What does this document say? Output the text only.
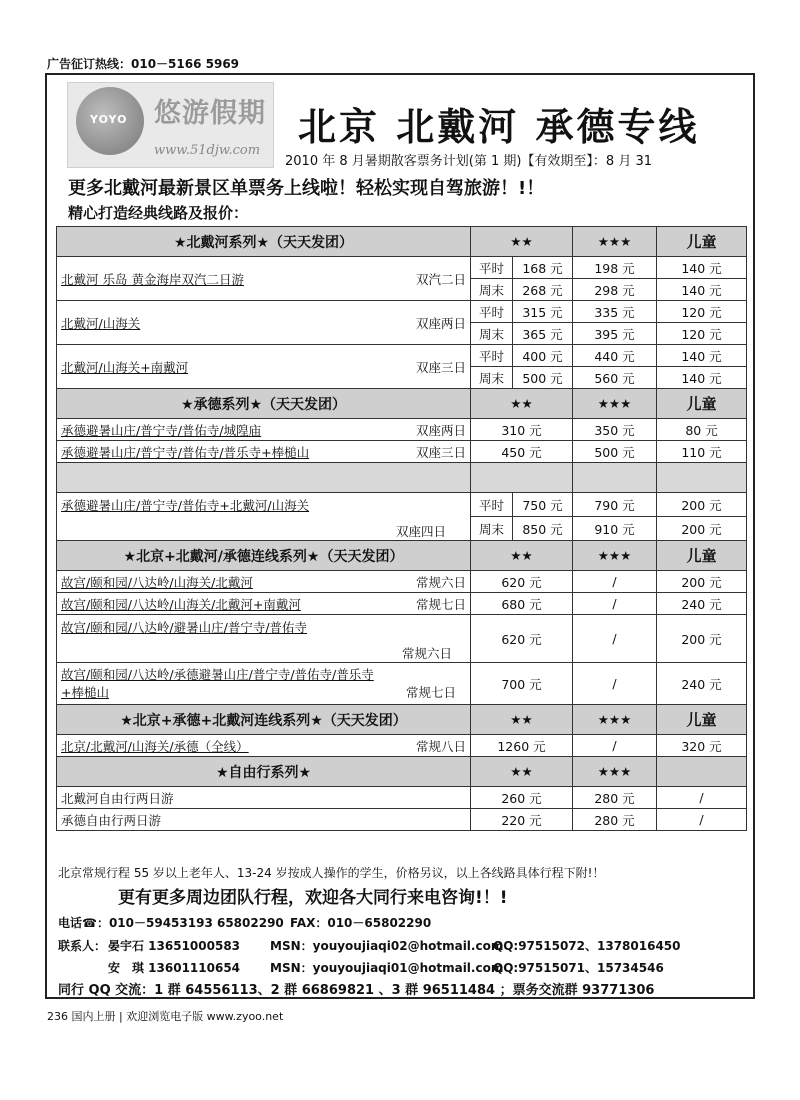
广告征订热线：010－5166 5969
YOYO 悠游假期
www.51djw.com
北京 北戴河 承德专线
2010 年 8 月暑期散客票务计划(第 1 期)【有效期至】：8 月 31
更多北戴河最新景区单票务上线啦！轻松实现自驾旅游！!！
精心打造经典线路及报价：
★北戴河系列★（天天发团）	★★		★★★	儿童

北戴河 乐岛 黄金海岸双汽二日游 双汽二日	平时	168 元	198 元	140 元
	周末	268 元	298 元	140 元

北戴河/山海关 双座两日	平时	315 元	335 元	120 元
	周末	365 元	395 元	120 元

北戴河/山海关+南戴河 双座三日	平时	400 元	440 元	140 元
	周末	500 元	560 元	140 元
★承德系列★（天天发团）	★★		★★★	儿童

承德避暑山庄/普宁寺/普佑寺/城隍庙 双座两日	310 元		350 元	80 元

承德避暑山庄/普宁寺/普佑寺/普乐寺+棒槌山 双座三日	450 元		500 元	110 元

承德避暑山庄/普宁寺/普佑寺+北戴河/山海关
双座四日	平时	750 元	790 元	200 元
	周末	850 元	910 元	200 元
★北京+北戴河/承德连线系列★（天天发团）	★★		★★★	儿童

故宫/颐和园/八达岭/山海关/北戴河 常规六日	620 元		/	200 元

故宫/颐和园/八达岭/山海关/北戴河+南戴河 常规七日	680 元		/	240 元

故宫/颐和园/八达岭/避暑山庄/普宁寺/普佑寺
常规六日	620 元		/	200 元

故宫/颐和园/八达岭/承德避暑山庄/普宁寺/普佑寺/普乐寺
+棒槌山 常规七日	700 元		/	240 元
★北京+承德+北戴河连线系列★（天天发团）	★★		★★★	儿童

北京/北戴河/山海关/承德（全线） 常规八日	1260 元		/	320 元
★自由行系列★	★★		★★★	
北戴河自由行两日游	260 元		280 元	/
承德自由行两日游	220 元		280 元	/
北京常规行程 55 岁以上老年人、13-24 岁按成人操作的学生，价格另议，以上各线路具体行程下附!！
更有更多周边团队行程，欢迎各大同行来电咨询!！!
电话☎：010－59453193 65802290 FAX：010－65802290
联系人： 晏宇石 13651000583 MSN：youyoujiaqi02@hotmail.com
QQ:97515072、1378016450
安　琪 13601110654 MSN：youyoujiaqi01@hotmail.com
QQ:97515071、15734546
同行 QQ 交流：1 群 64556113、2 群 66869821 、3 群 96511484 ；票务交流群 93771306
236 国内上册 | 欢迎浏览电子版 www.zyoo.net
